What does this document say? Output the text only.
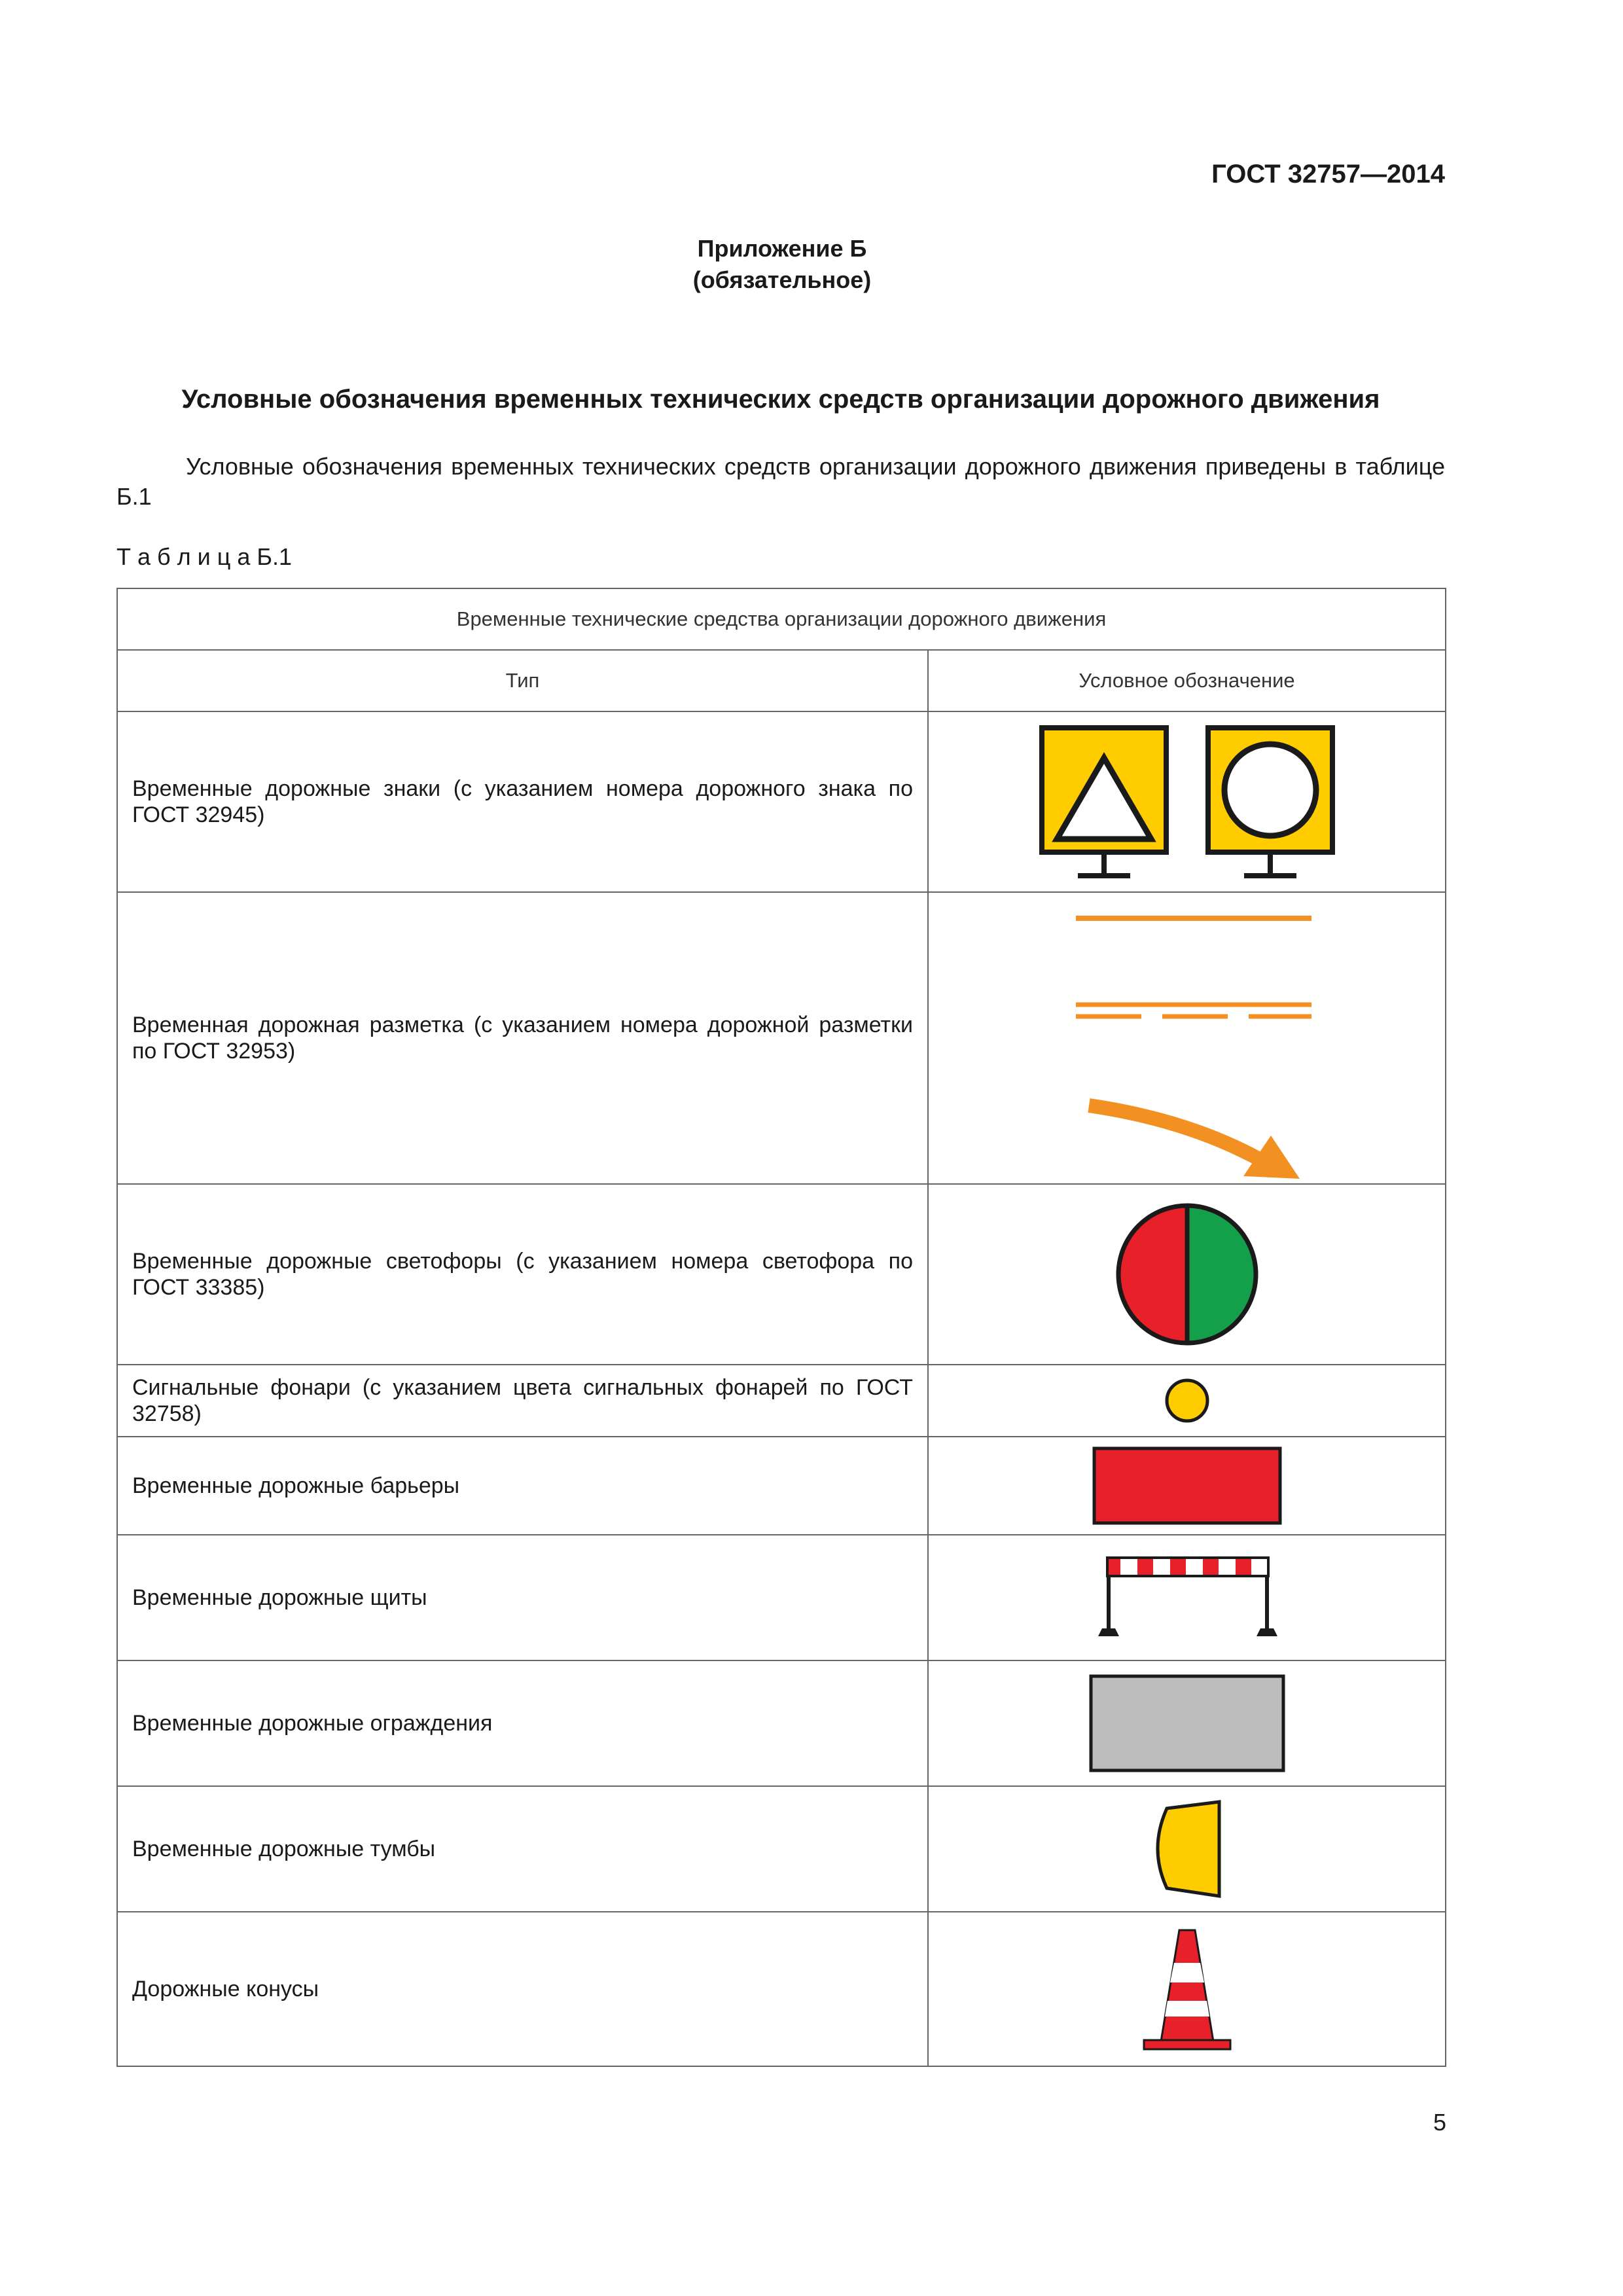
ГОСТ 32757—2014
Приложение Б
(обязательное)
Условные обозначения временных технических средств организации дорожного движения
Условные обозначения временных технических средств организации дорожного движения приведены в таблице Б.1
Т а б л и ц а Б.1
Временные технические средства организации дорожного движения	
Тип	Условное обозначение
Временные дорожные знаки (с указанием номера дорожного знака по ГОСТ 32945)	

Временная дорожная разметка (с указанием номера дорожной разметки по ГОСТ 32953)	

Временные дорожные светофоры (с указанием номера светофора по ГОСТ 33385)	

Сигнальные фонари (с указанием цвета сигнальных фонарей по ГОСТ 32758)	

Временные дорожные барьеры	

Временные дорожные щиты	

Временные дорожные ограждения	

Временные дорожные тумбы	

Дорожные конусы	
5
